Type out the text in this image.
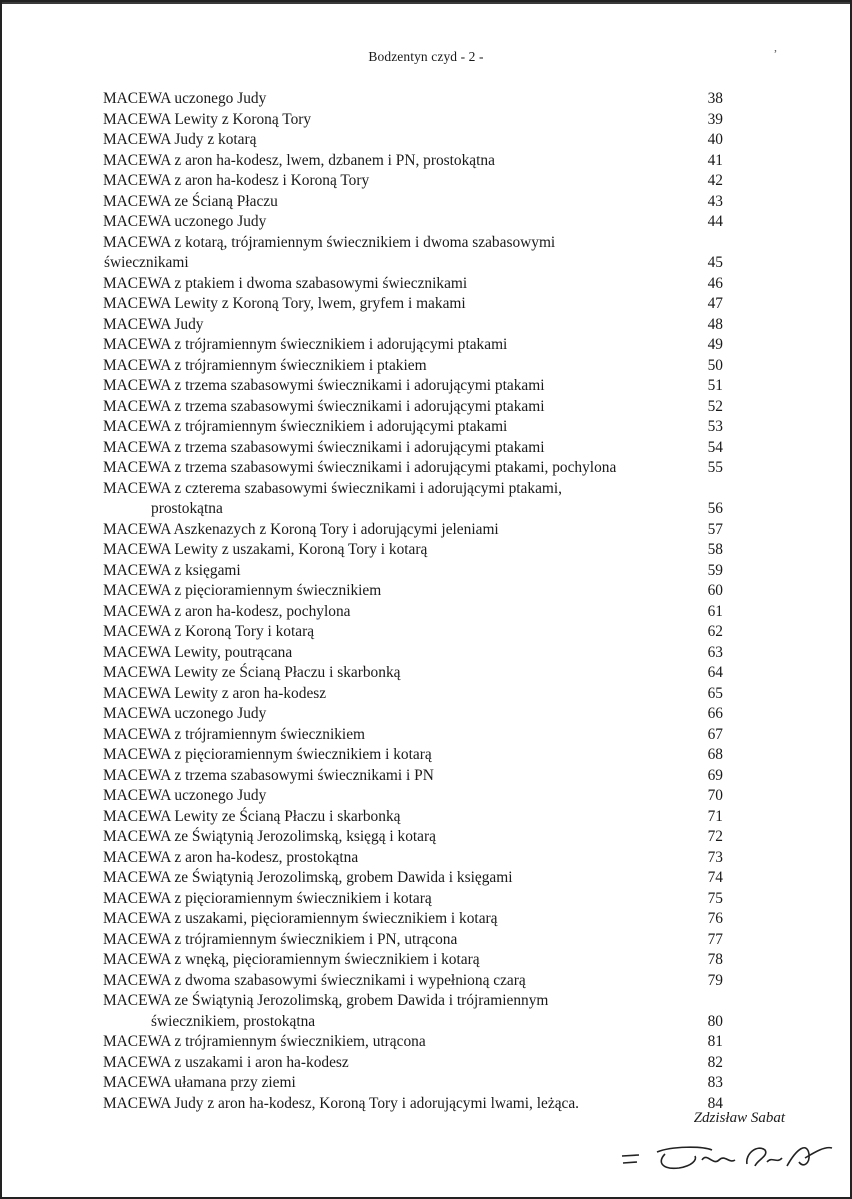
Bodzentyn czyd - 2 -
,
MACEWA uczonego Judy	38
MACEWA Lewity z Koroną Tory	39
MACEWA Judy z kotarą	40
MACEWA z aron ha-kodesz, lwem, dzbanem i PN, prostokątna	41
MACEWA z aron ha-kodesz i Koroną Tory	42
MACEWA ze Ścianą Płaczu	43
MACEWA uczonego Judy	44
MACEWA z kotarą, trójramiennym świecznikiem i dwoma szabasowymi
świecznikami	45
MACEWA z ptakiem i dwoma szabasowymi świecznikami	46
MACEWA Lewity z Koroną Tory, lwem, gryfem i makami	47
MACEWA Judy	48
MACEWA z trójramiennym świecznikiem i adorującymi ptakami	49
MACEWA z trójramiennym świecznikiem i ptakiem	50
MACEWA z trzema szabasowymi świecznikami i adorującymi ptakami	51
MACEWA z trzema szabasowymi świecznikami i adorującymi ptakami	52
MACEWA z trójramiennym świecznikiem i adorującymi ptakami	53
MACEWA z trzema szabasowymi świecznikami i adorującymi ptakami	54
MACEWA z trzema szabasowymi świecznikami i adorującymi ptakami, pochylona	55
MACEWA z czterema szabasowymi świecznikami i adorującymi ptakami,
prostokątna	56
MACEWA Aszkenazych z Koroną Tory i adorującymi jeleniami	57
MACEWA Lewity z uszakami, Koroną Tory i kotarą	58
MACEWA z księgami	59
MACEWA z pięcioramiennym świecznikiem	60
MACEWA z aron ha-kodesz, pochylona	61
MACEWA z Koroną Tory i kotarą	62
MACEWA Lewity, poutrącana	63
MACEWA Lewity ze Ścianą Płaczu i skarbonką	64
MACEWA Lewity z aron ha-kodesz	65
MACEWA uczonego Judy	66
MACEWA z trójramiennym świecznikiem	67
MACEWA z pięcioramiennym świecznikiem i kotarą	68
MACEWA z trzema szabasowymi świecznikami i PN	69
MACEWA uczonego Judy	70
MACEWA Lewity ze Ścianą Płaczu i skarbonką	71
MACEWA ze Świątynią Jerozolimską, księgą i kotarą	72
MACEWA z aron ha-kodesz, prostokątna	73
MACEWA ze Świątynią Jerozolimską, grobem Dawida i księgami	74
MACEWA z pięcioramiennym świecznikiem i kotarą	75
MACEWA z uszakami, pięcioramiennym świecznikiem i kotarą	76
MACEWA z trójramiennym świecznikiem i PN, utrącona	77
MACEWA z wnęką, pięcioramiennym świecznikiem i kotarą	78
MACEWA z dwoma szabasowymi świecznikami i wypełnioną czarą	79
MACEWA ze Świątynią Jerozolimską, grobem Dawida i trójramiennym
świecznikiem, prostokątna	80
MACEWA z trójramiennym świecznikiem, utrącona	81
MACEWA z uszakami i aron ha-kodesz	82
MACEWA ułamana przy ziemi	83
MACEWA Judy z aron ha-kodesz, Koroną Tory i adorującymi lwami, leżąca.	84
Zdzisław Sabat
